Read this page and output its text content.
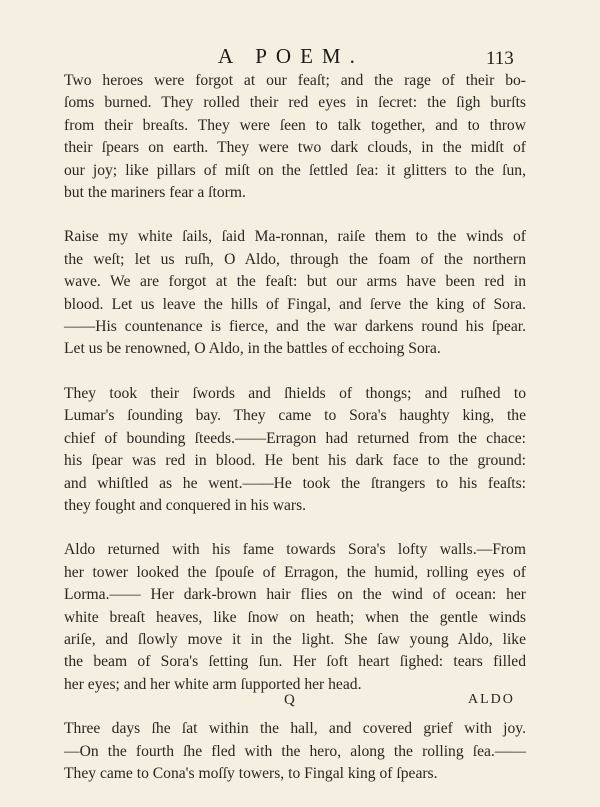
A POEM.	113

Two heroes were forgot at our feaſt; and the rage of their bo-
ſoms burned. They rolled their red eyes in ſecret: the ſigh burſts
from their breaſts. They were ſeen to talk together, and to throw
their ſpears on earth. They were two dark clouds, in the midſt of
our joy; like pillars of miſt on the ſettled ſea: it glitters to the ſun,
but the mariners fear a ſtorm.

Raise my white ſails, ſaid Ma-ronnan, raiſe them to the winds of
the weſt; let us ruſh, O Aldo, through the foam of the northern
wave. We are forgot at the feaſt: but our arms have been red in
blood. Let us leave the hills of Fingal, and ſerve the king of Sora.
——His countenance is fierce, and the war darkens round his ſpear.
Let us be renowned, O Aldo, in the battles of ecchoing Sora.

They took their ſwords and ſhields of thongs; and ruſhed to
Lumar's ſounding bay. They came to Sora's haughty king, the
chief of bounding ſteeds.——Erragon had returned from the chace:
his ſpear was red in blood. He bent his dark face to the ground:
and whiſtled as he went.——He took the ſtrangers to his feaſts:
they fought and conquered in his wars.

Aldo returned with his fame towards Sora's lofty walls.—From
her tower looked the ſpouſe of Erragon, the humid, rolling eyes of
Lorma.—— Her dark-brown hair flies on the wind of ocean: her
white breaſt heaves, like ſnow on heath; when the gentle winds
ariſe, and ſlowly move it in the light. She ſaw young Aldo, like
the beam of Sora's ſetting ſun. Her ſoft heart ſighed: tears filled
her eyes; and her white arm ſupported her head.

Three days ſhe ſat within the hall, and covered grief with joy.
—On the fourth ſhe fled with the hero, along the rolling ſea.——
They came to Cona's moſſy towers, to Fingal king of ſpears.

Q	ALDO
